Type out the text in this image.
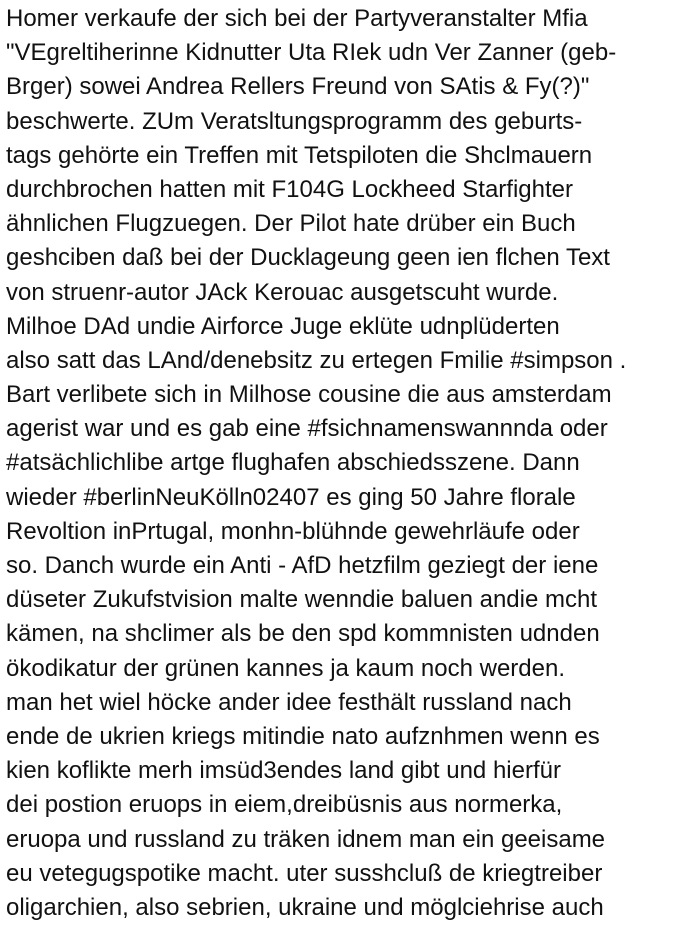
Homer verkaufe der sich bei der Partyveranstalter Mfia
"VEgreltiherinne Kidnutter Uta RIek udn Ver Zanner (geb-
Brger) sowei Andrea Rellers Freund von SAtis & Fy(?)"
beschwerte. ZUm Veratsltungsprogramm des geburts-
tags gehörte ein Treffen mit Tetspiloten die Shclmauern
durchbrochen hatten mit F104G Lockheed Starfighter
ähnlichen Flugzuegen. Der Pilot hate drüber ein Buch
geshciben daß bei der Ducklageung geen ien flchen Text
von struenr-autor JAck Kerouac ausgetscuht wurde.
Milhoe DAd undie Airforce Juge eklüte udnplüderten
also satt das LAnd/denebsitz zu ertegen Fmilie #simpson .
Bart verlibete sich in Milhose cousine die aus amsterdam
agerist war und es gab eine #fsichnamenswannnda oder
#atsächlichlibe artge flughafen abschiedsszene. Dann
wieder #berlinNeuKölln02407 es ging 50 Jahre florale
Revoltion inPrtugal, monhn-blühnde gewehrläufe oder
so. Danch wurde ein Anti - AfD hetzfilm geziegt der iene
düseter Zukufstvision malte wenndie baluen andie mcht
kämen, na shclimer als be den spd kommnisten udnden
ökodikatur der grünen kannes ja kaum noch werden.
man het wiel höcke ander idee festhält russland nach
ende de ukrien kriegs mitindie nato aufznhmen wenn es
kien koflikte merh imsüd3endes land gibt und hierfür
dei postion eruops in eiem,dreibüsnis aus normerka,
eruopa und russland zu träken idnem man ein geeisame
eu vetegugspotike macht. uter susshcluß de kriegtreiber
oligarchien, also sebrien, ukraine und möglciehrise auch
